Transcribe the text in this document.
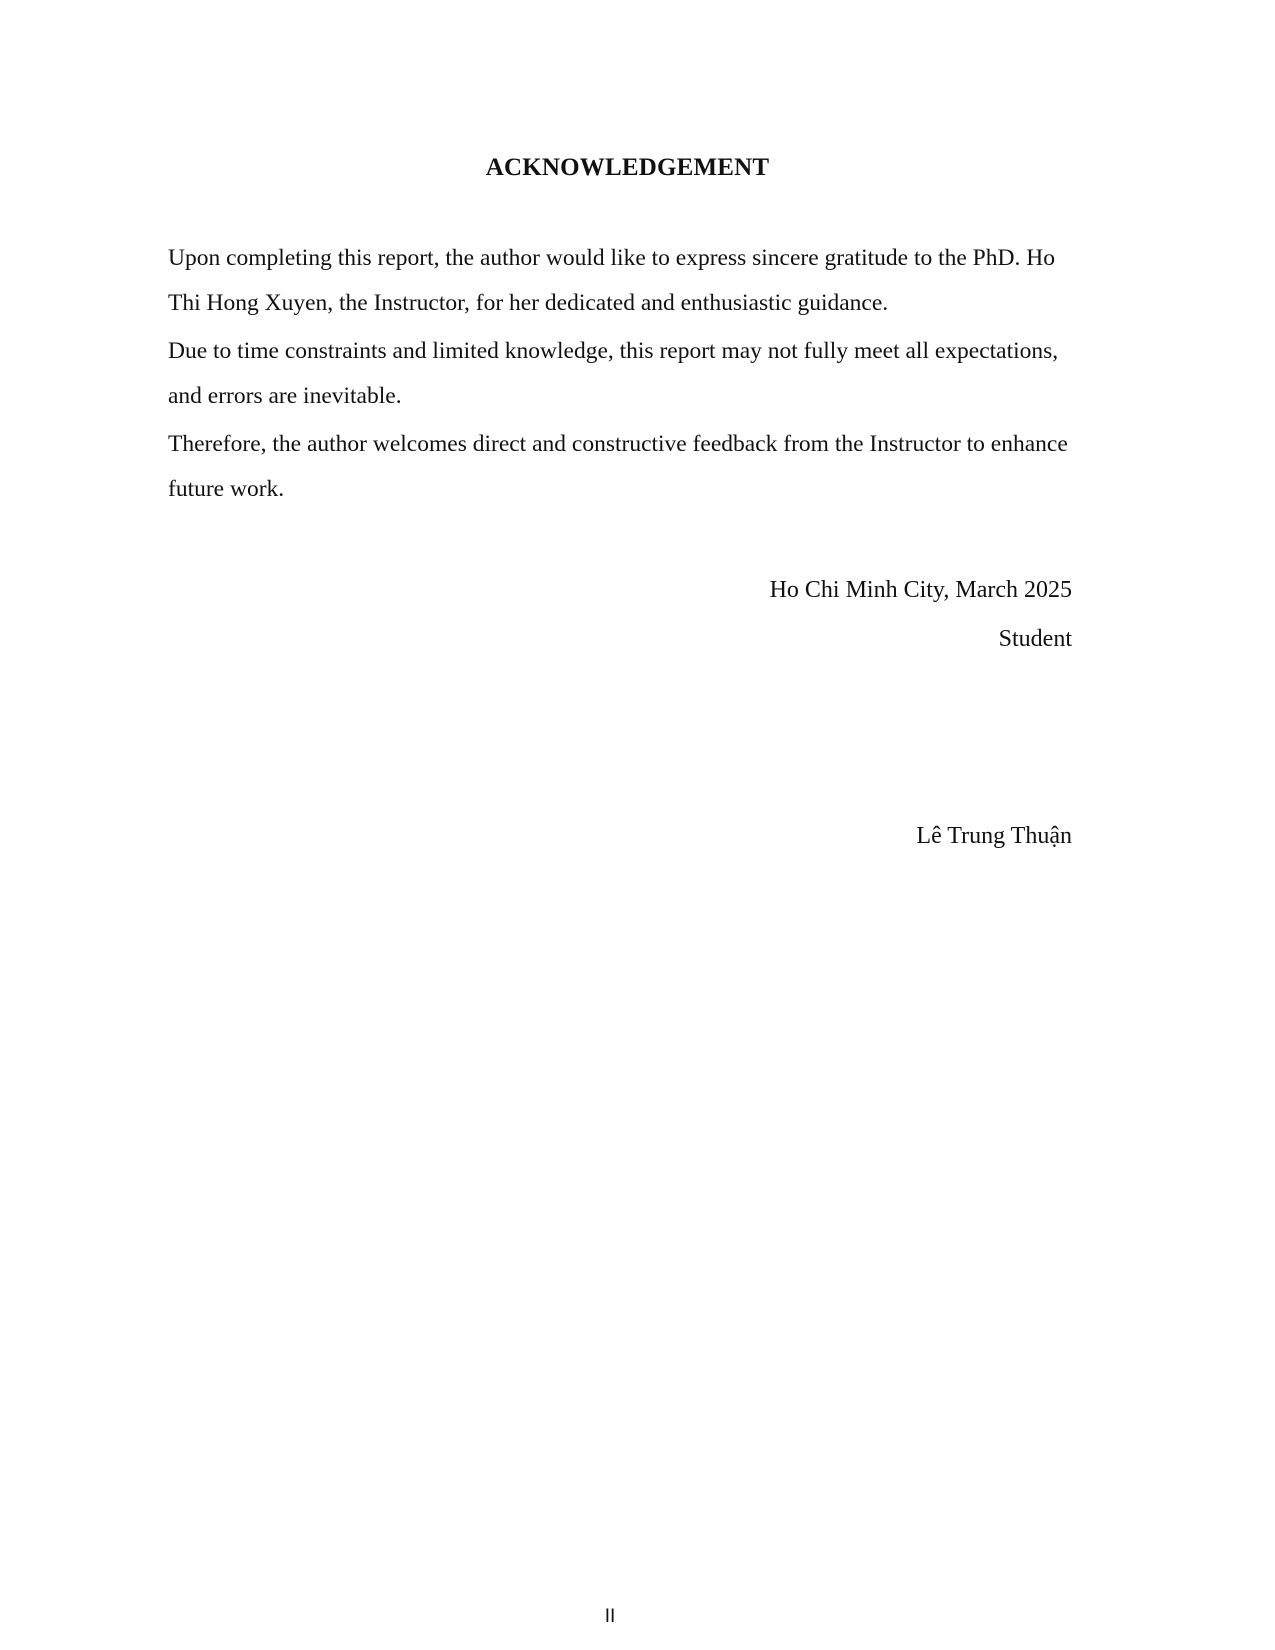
ACKNOWLEDGEMENT

Upon completing this report, the author would like to express sincere gratitude to the PhD. Ho Thi Hong Xuyen, the Instructor, for her dedicated and enthusiastic guidance.

Due to time constraints and limited knowledge, this report may not fully meet all expectations, and errors are inevitable.

Therefore, the author welcomes direct and constructive feedback from the Instructor to enhance future work.

Ho Chi Minh City, March 2025
Student
Lê Trung Thuận
II
